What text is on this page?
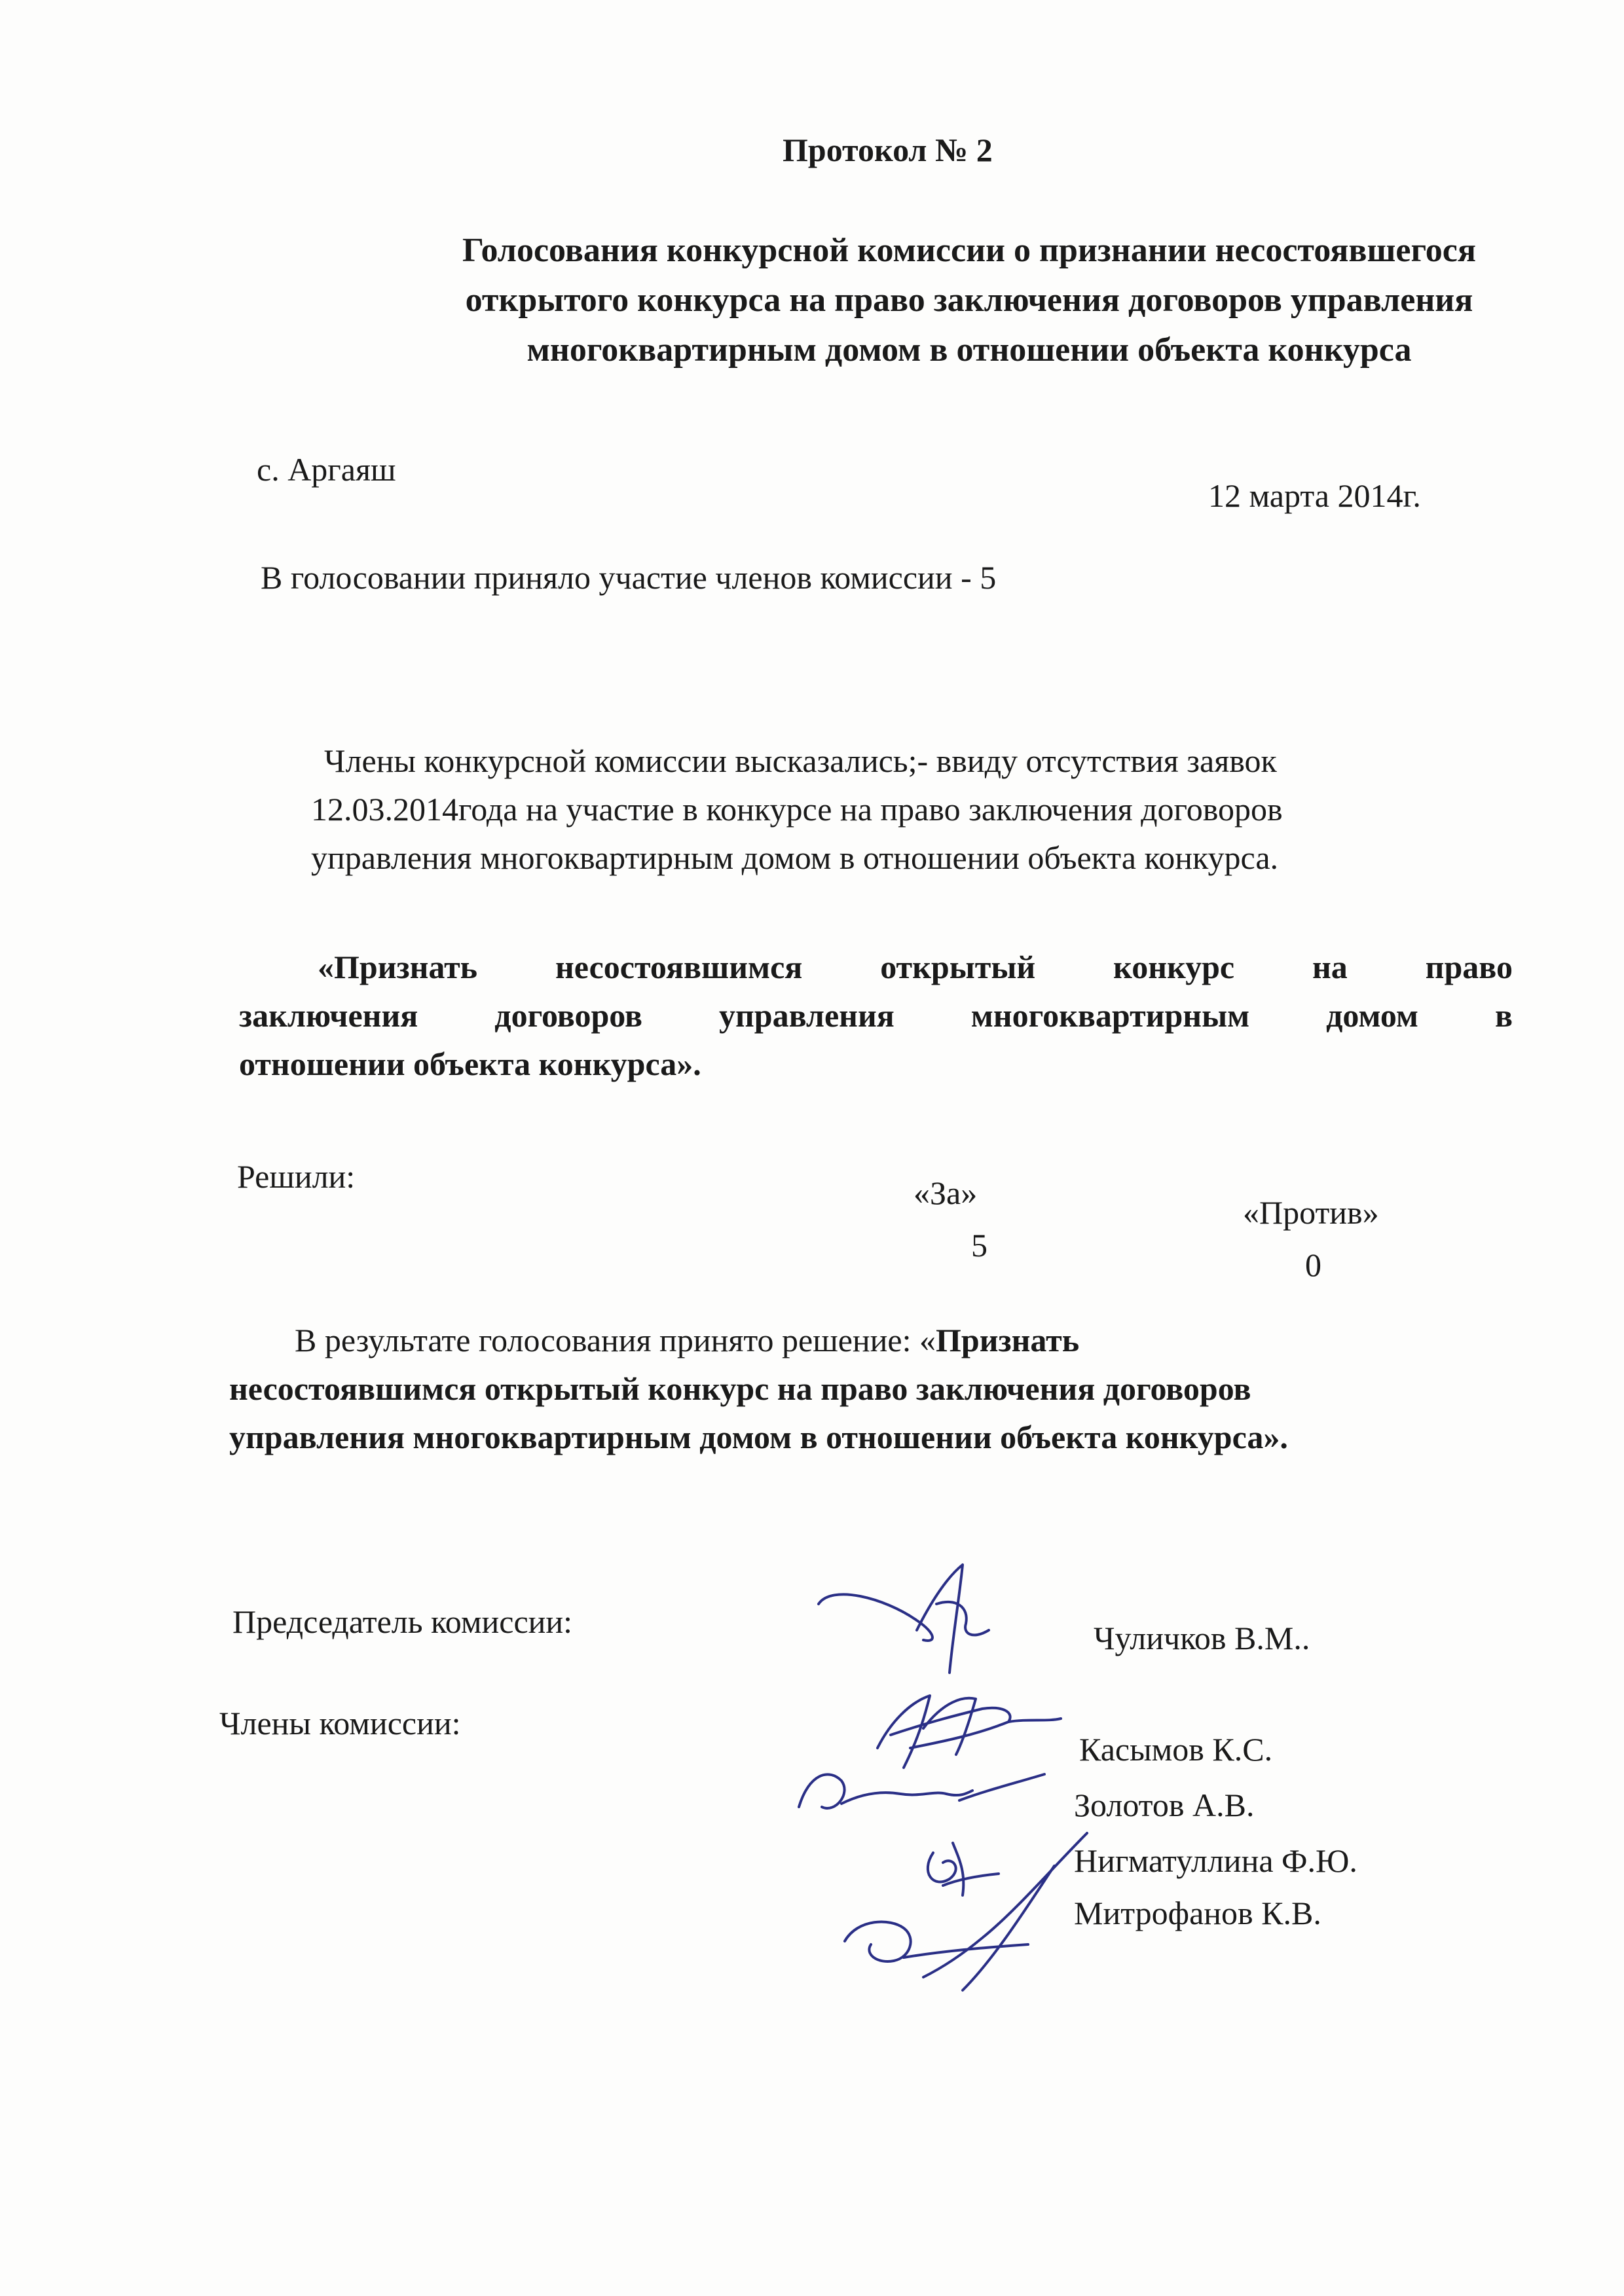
Протокол № 2
Голосования конкурсной комиссии о признании несостоявшегося
открытого конкурса на право заключения договоров управления
многоквартирным домом в отношении объекта конкурса
с. Аргаяш
12 марта 2014г.
В голосовании приняло участие членов комиссии - 5
Члены конкурсной комиссии высказались;- ввиду отсутствия заявок
12.03.2014года на участие в конкурсе на право заключения договоров
управления многоквартирным домом в отношении объекта конкурса.
«Признать несостоявшимся открытый конкурс на право
заключения договоров управления многоквартирным домом в
отношении объекта конкурса».
Решили:	«За»
5
«Против»
0
В результате голосования принято решение: «Признать
несостоявшимся открытый конкурс на право заключения договоров
управления многоквартирным домом в отношении объекта конкурса».
Председатель комиссии:	Чуличков В.М..
Члены комиссии:
Касымов К.С.
Золотов А.В.
Нигматуллина Ф.Ю.
Митрофанов К.В.
